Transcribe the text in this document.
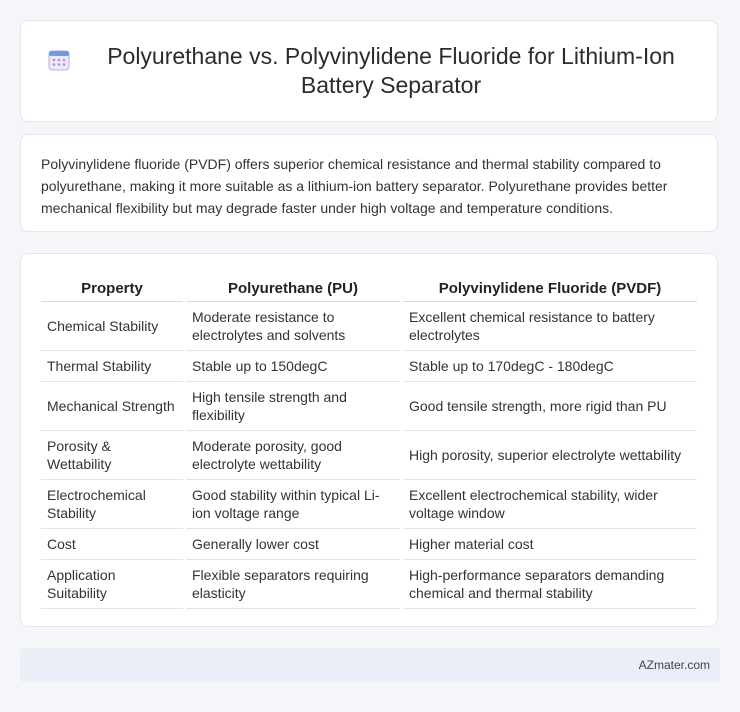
Polyurethane vs. Polyvinylidene Fluoride for Lithium-Ion Battery Separator

Polyvinylidene fluoride (PVDF) offers superior chemical resistance and thermal stability compared to polyurethane, making it more suitable as a lithium-ion battery separator. Polyurethane provides better mechanical flexibility but may degrade faster under high voltage and temperature conditions.

Property	Polyurethane (PU)	Polyvinylidene Fluoride (PVDF)
Chemical Stability	Moderate resistance to electrolytes and solvents	Excellent chemical resistance to battery electrolytes
Thermal Stability	Stable up to 150degC	Stable up to 170degC - 180degC
Mechanical Strength	High tensile strength and flexibility	Good tensile strength, more rigid than PU
Porosity & Wettability	Moderate porosity, good electrolyte wettability	High porosity, superior electrolyte wettability
Electrochemical Stability	Good stability within typical Li-ion voltage range	Excellent electrochemical stability, wider voltage window
Cost	Generally lower cost	Higher material cost
Application Suitability	Flexible separators requiring elasticity	High-performance separators demanding chemical and thermal stability
AZmater.com
